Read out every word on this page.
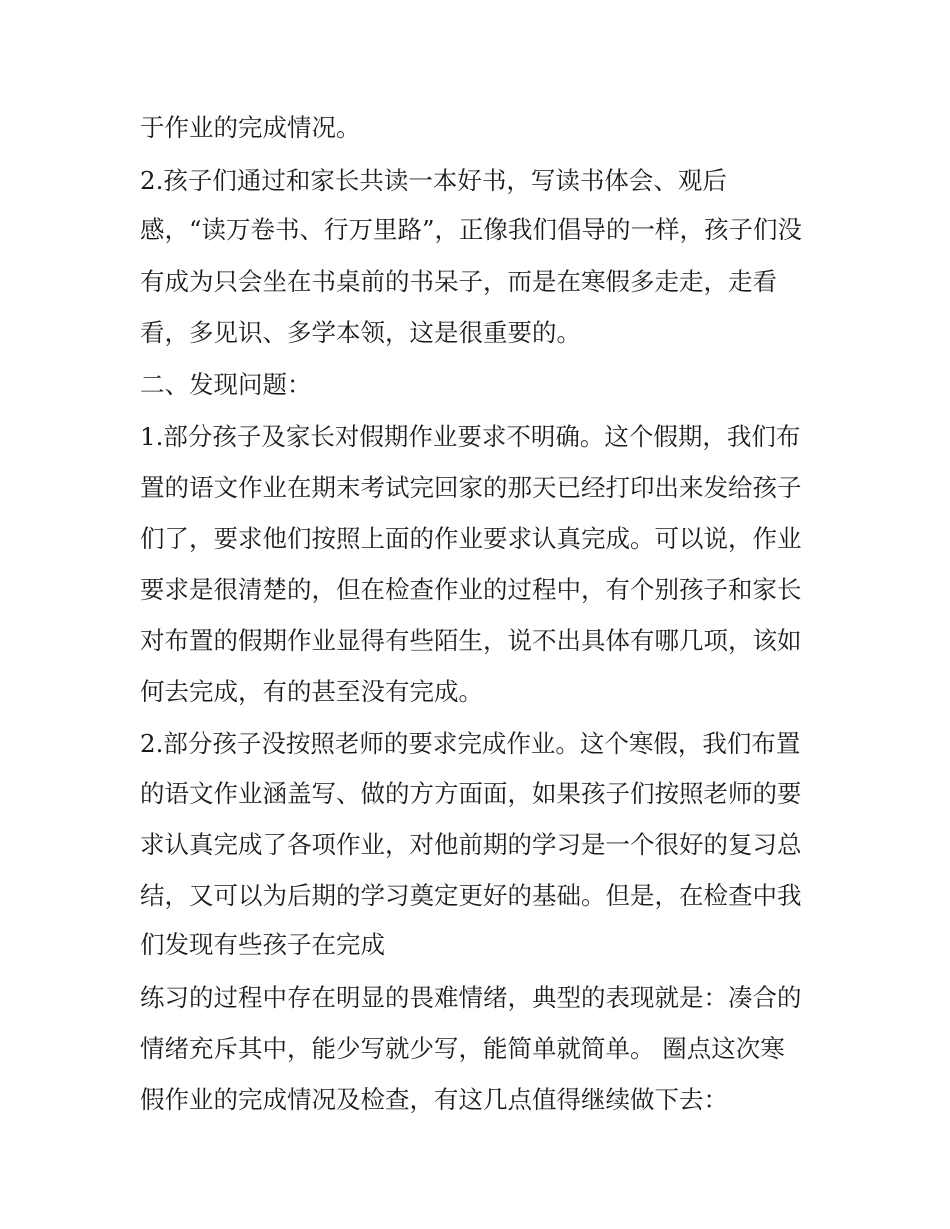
于作业的完成情况。
2.孩子们通过和家长共读一本好书，写读书体会、观后
感，“读万卷书、行万里路”，正像我们倡导的一样，孩子们没
有成为只会坐在书桌前的书呆子，而是在寒假多走走，走看
看，多见识、多学本领，这是很重要的。
二、发现问题：
1.部分孩子及家长对假期作业要求不明确。这个假期，我们布
置的语文作业在期末考试完回家的那天已经打印出来发给孩子
们了，要求他们按照上面的作业要求认真完成。可以说，作业
要求是很清楚的，但在检查作业的过程中，有个别孩子和家长
对布置的假期作业显得有些陌生，说不出具体有哪几项，该如
何去完成，有的甚至没有完成。
2.部分孩子没按照老师的要求完成作业。这个寒假，我们布置
的语文作业涵盖写、做的方方面面，如果孩子们按照老师的要
求认真完成了各项作业，对他前期的学习是一个很好的复习总
结，又可以为后期的学习奠定更好的基础。但是，在检查中我
们发现有些孩子在完成
练习的过程中存在明显的畏难情绪，典型的表现就是：凑合的
情绪充斥其中，能少写就少写，能简单就简单。 圈点这次寒
假作业的完成情况及检查，有这几点值得继续做下去：
